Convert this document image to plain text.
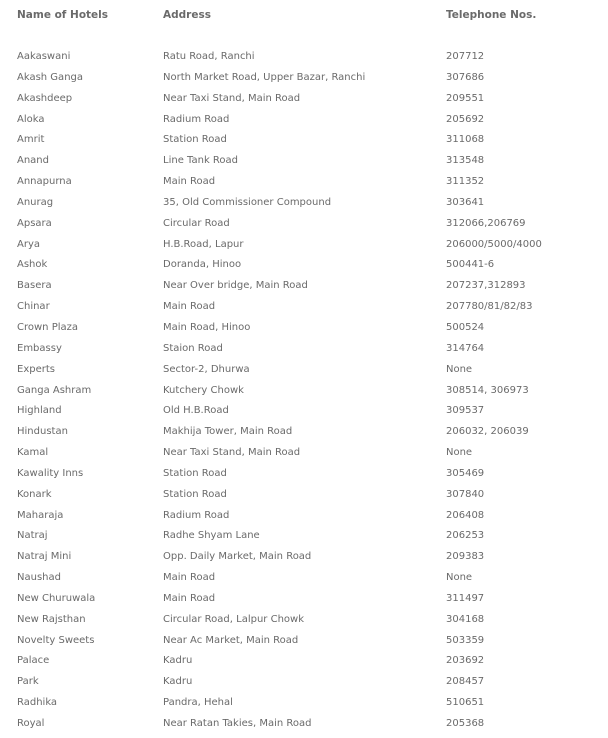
Name of Hotels	Address	Telephone Nos.
Aakaswani	Ratu Road, Ranchi	207712
Akash Ganga	North Market Road, Upper Bazar, Ranchi	307686
Akashdeep	Near Taxi Stand, Main Road	209551
Aloka	Radium Road	205692
Amrit	Station Road	311068
Anand	Line Tank Road	313548
Annapurna	Main Road	311352
Anurag	35, Old Commissioner Compound	303641
Apsara	Circular Road	312066,206769
Arya	H.B.Road, Lapur	206000/5000/4000
Ashok	Doranda, Hinoo	500441-6
Basera	Near Over bridge, Main Road	207237,312893
Chinar	Main Road	207780/81/82/83
Crown Plaza	Main Road, Hinoo	500524
Embassy	Staion Road	314764
Experts	Sector-2, Dhurwa	None
Ganga Ashram	Kutchery Chowk	308514, 306973
Highland	Old H.B.Road	309537
Hindustan	Makhija Tower, Main Road	206032, 206039
Kamal	Near Taxi Stand, Main Road	None
Kawality Inns	Station Road	305469
Konark	Station Road	307840
Maharaja	Radium Road	206408
Natraj	Radhe Shyam Lane	206253
Natraj Mini	Opp. Daily Market, Main Road	209383
Naushad	Main Road	None
New Churuwala	Main Road	311497
New Rajsthan	Circular Road, Lalpur Chowk	304168
Novelty Sweets	Near Ac Market, Main Road	503359
Palace	Kadru	203692
Park	Kadru	208457
Radhika	Pandra, Hehal	510651
Royal	Near Ratan Takies, Main Road	205368
